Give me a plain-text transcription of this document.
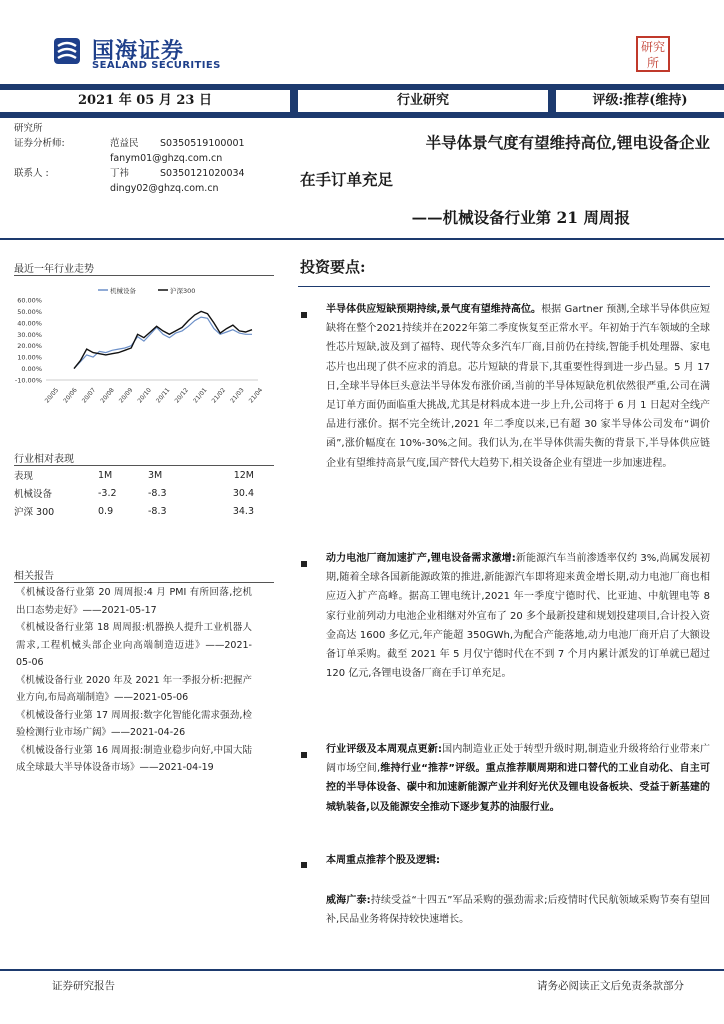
国海证券
SEALAND SECURITIES
研究
所
2021 年 05 月 23 日	行业研究	评级:推荐(维持)
研究所
证券分析师:	范益民 S0350519100001
fanym01@ghzq.com.cn
联系人 :	丁祎	S0350121020034
dingy02@ghzq.com.cn
半导体景气度有望维持高位,锂电设备企业
在手订单充足
——机械设备行业第 21 周周报
最近一年行业走势
机械设备	沪深300
60.00%
50.00%
40.00%
30.00%
20.00%
10.00%
0.00%
-10.00%
20/05 20/06 20/07 20/08 20/09 20/10 20/11 20/12 21/01 21/02 21/03 21/04
行业相对表现
表现	1M	3M	12M
机械设备	-3.2	-8.3	30.4
沪深 300	0.9	-8.3	34.3
相关报告

《机械设备行业第 20 周周报:4 月 PMI 有所回落,挖机出口态势走好》——2021-05-17

《机械设备行业第 18 周周报:机器换人提升工业机器人需求,工程机械头部企业向高端制造迈进》——2021-05-06

《机械设备行业 2020 年及 2021 年一季报分析:把握产业方向,布局高端制造》——2021-05-06

《机械设备行业第 17 周周报:数字化智能化需求强劲,检验检测行业市场广阔》——2021-04-26

《机械设备行业第 16 周周报:制造业稳步向好,中国大陆成全球最大半导体设备市场》——2021-04-19

投资要点:

半导体供应短缺预期持续,景气度有望维持高位。根据 Gartner 预测,全球半导体供应短缺将在整个2021持续并在2022年第二季度恢复至正常水平。年初始于汽车领域的全球性芯片短缺,波及到了福特、现代等众多汽车厂商,目前仍在持续,智能手机处理器、家电芯片也出现了供不应求的消息。芯片短缺的背景下,其重要性得到进一步凸显。5 月 17 日,全球半导体巨头意法半导体发布涨价函,当前的半导体短缺危机依然很严重,公司在满足订单方面仍面临重大挑战,尤其是材料成本进一步上升,公司将于 6 月 1 日起对全线产品进行涨价。据不完全统计,2021 年二季度以来,已有超 30 家半导体公司发布“调价函”,涨价幅度在 10%-30%之间。我们认为,在半导体供需失衡的背景下,半导体供应链企业有望维持高景气度,国产替代大趋势下,相关设备企业有望进一步加速进程。

动力电池厂商加速扩产,锂电设备需求激增:新能源汽车当前渗透率仅约 3%,尚属发展初期,随着全球各国新能源政策的推进,新能源汽车即将迎来黄金增长期,动力电池厂商也相应迈入扩产高峰。据高工锂电统计,2021 年一季度宁德时代、比亚迪、中航锂电等 8 家行业前列动力电池企业相继对外宣布了 20 多个最新投建和规划投建项目,合计投入资金高达 1600 多亿元,年产能超 350GWh,为配合产能落地,动力电池厂商开启了大额设备订单采购。截至 2021 年 5 月仅宁德时代在不到 7 个月内累计派发的订单就已超过 120 亿元,各锂电设备厂商在手订单充足。

行业评级及本周观点更新:国内制造业正处于转型升级时期,制造业升级将给行业带来广阔市场空间,维持行业“推荐”评级。重点推荐顺周期和进口替代的工业自动化、自主可控的半导体设备、碳中和加速新能源产业并利好光伏及锂电设备板块、受益于新基建的城轨装备,以及能源安全推动下逐步复苏的油服行业。

本周重点推荐个股及逻辑:

威海广泰:持续受益“十四五”军品采购的强劲需求;后疫情时代民航领域采购节奏有望回补,民品业务将保持较快速增长。

证券研究报告	请务必阅读正文后免责条款部分
